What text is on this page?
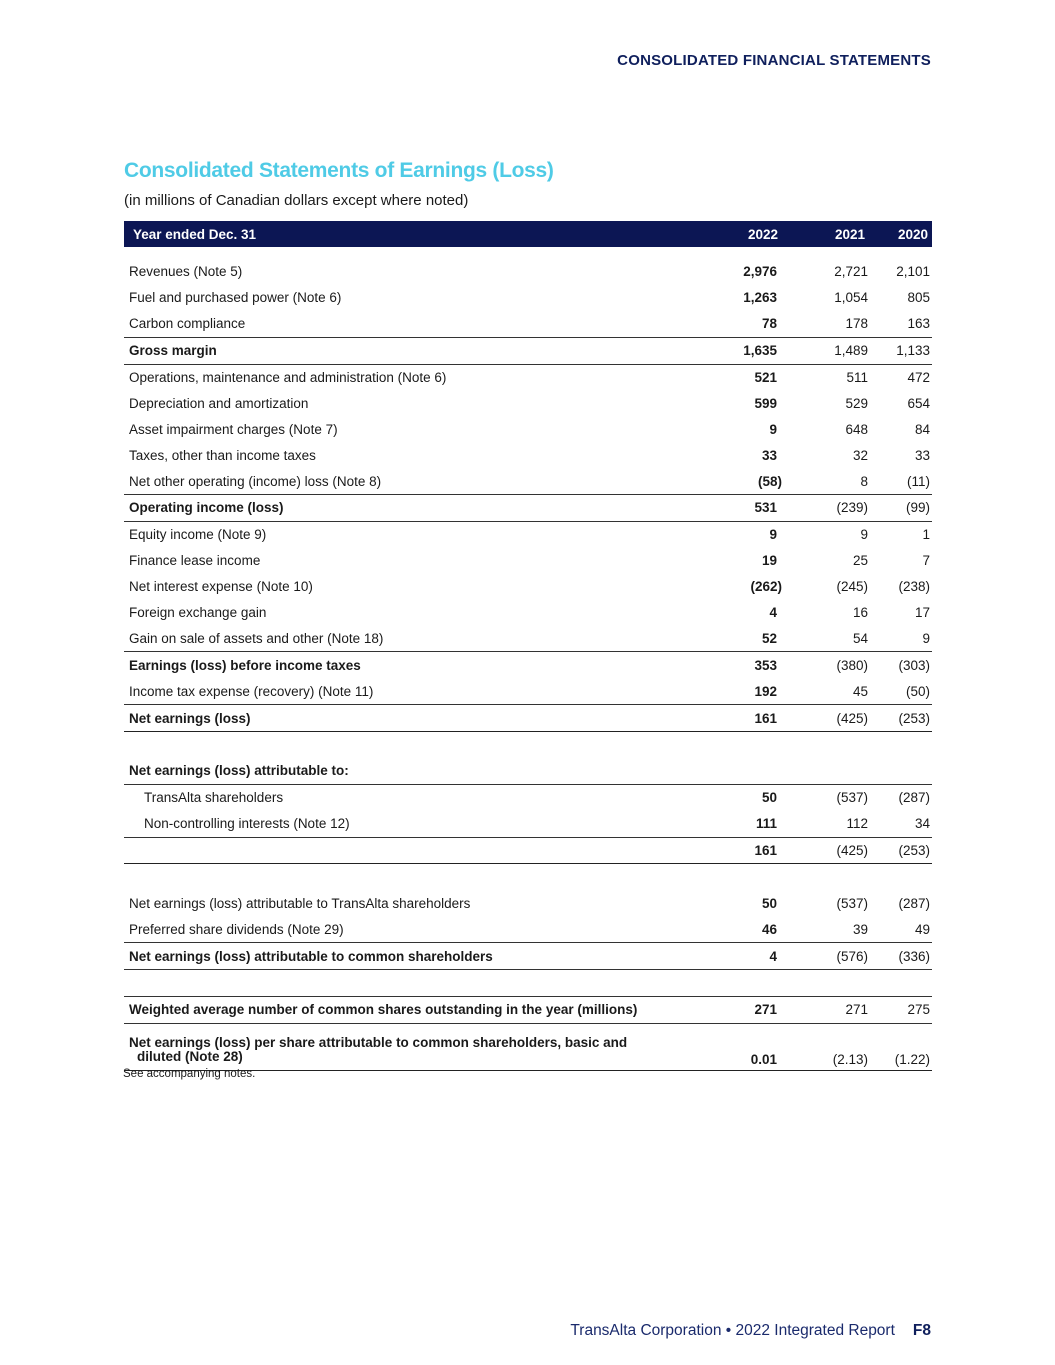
CONSOLIDATED FINANCIAL STATEMENTS
Consolidated Statements of Earnings (Loss)
(in millions of Canadian dollars except where noted)
Year ended Dec. 31	2022	2021	2020

Revenues (Note 5)	2,976	2,721	2,101
Fuel and purchased power (Note 6)	1,263	1,054	805
Carbon compliance	78	178	163
Gross margin	1,635	1,489	1,133
Operations, maintenance and administration (Note 6)	521	511	472
Depreciation and amortization	599	529	654
Asset impairment charges (Note 7)	9	648	84
Taxes, other than income taxes	33	32	33
Net other operating (income) loss (Note 8)	(58)	8	(11)
Operating income (loss)	531	(239)	(99)
Equity income (Note 9)	9	9	1
Finance lease income	19	25	7
Net interest expense (Note 10)	(262)	(245)	(238)
Foreign exchange gain	4	16	17
Gain on sale of assets and other (Note 18)	52	54	9
Earnings (loss) before income taxes	353	(380)	(303)
Income tax expense (recovery) (Note 11)	192	45	(50)
Net earnings (loss)	161	(425)	(253)

Net earnings (loss) attributable to:			
TransAlta shareholders	50	(537)	(287)
Non-controlling interests (Note 12)	111	112	34
	161	(425)	(253)

Net earnings (loss) attributable to TransAlta shareholders	50	(537)	(287)
Preferred share dividends (Note 29)	46	39	49
Net earnings (loss) attributable to common shareholders	4	(576)	(336)

Weighted average number of common shares outstanding in the year (millions)	271	271	275
Net earnings (loss) per share attributable to common shareholders, basic and
diluted (Note 28)	0.01	(2.13)	(1.22)
See accompanying notes.
TransAlta Corporation • 2022 Integrated Report F8
